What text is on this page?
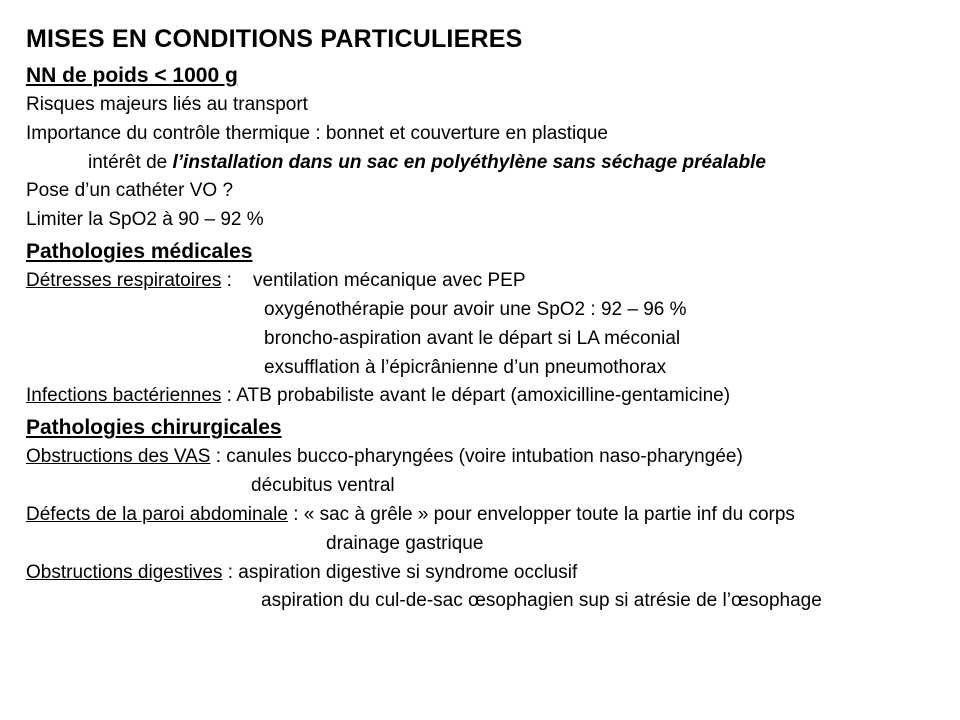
MISES EN CONDITIONS PARTICULIERES
NN de poids < 1000 g
Risques majeurs liés au transport
Importance du contrôle thermique : bonnet et couverture en plastique
intérêt de l’installation dans un sac en polyéthylène sans séchage préalable
Pose d’un cathéter VO ?
Limiter la SpO2 à 90 – 92 %
Pathologies médicales
Détresses respiratoires :    ventilation mécanique avec PEP
oxygénothérapie pour avoir une SpO2 : 92 – 96 %
broncho-aspiration avant le départ si LA méconial
exsufflation à l’épicrânienne d’un pneumothorax
Infections bactériennes : ATB probabiliste avant le départ (amoxicilline-gentamicine)
Pathologies chirurgicales
Obstructions des VAS : canules bucco-pharyngées (voire intubation naso-pharyngée)
décubitus ventral
Défects de la paroi abdominale : « sac à grêle » pour envelopper toute la partie inf du corps
drainage gastrique
Obstructions digestives : aspiration digestive si syndrome occlusif
aspiration du cul-de-sac œsophagien sup si atrésie de l’œsophage
